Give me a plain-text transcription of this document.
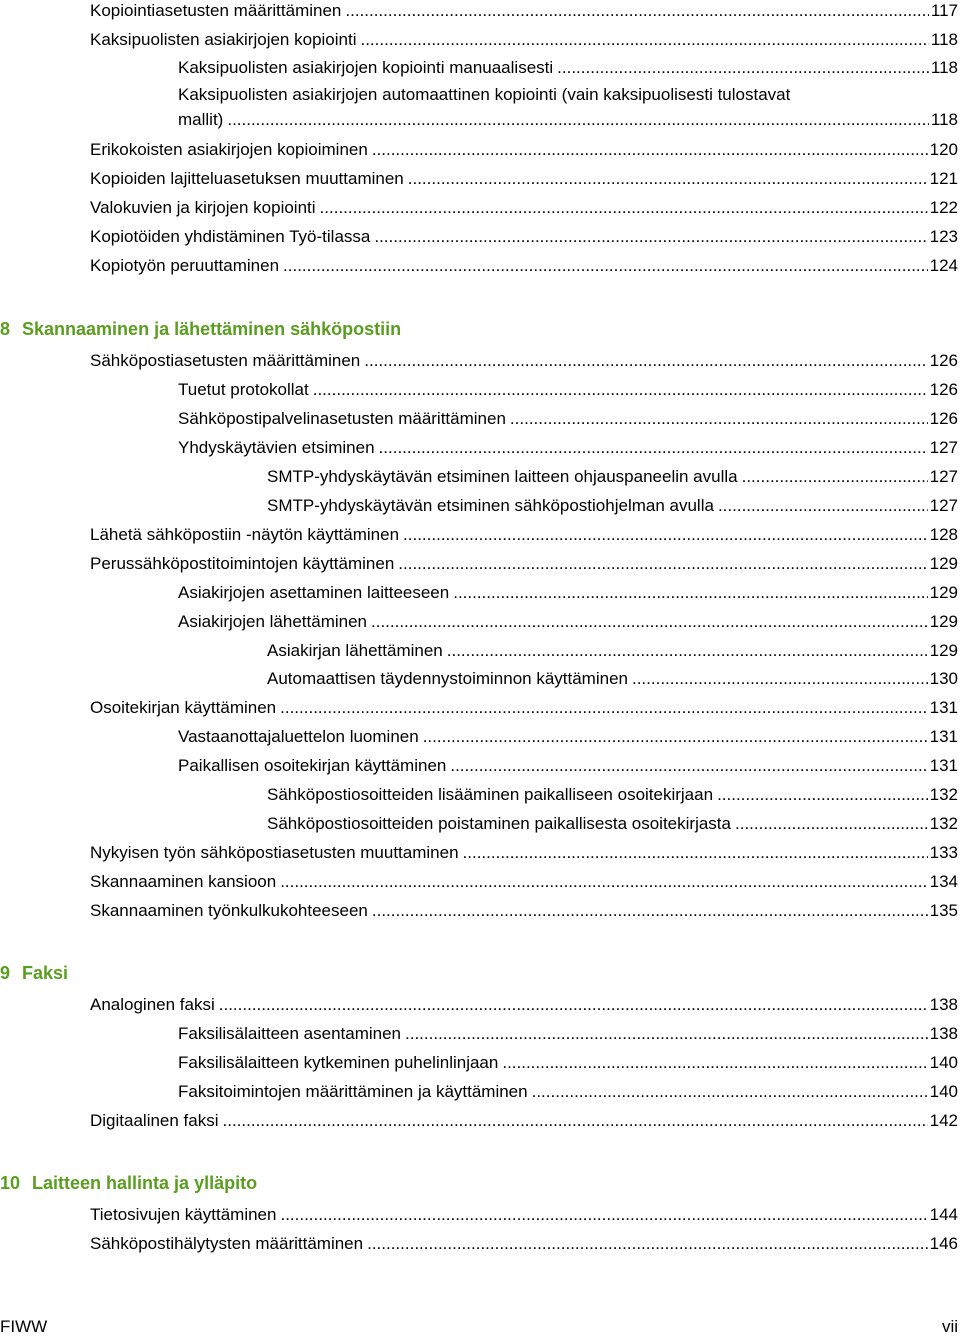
Kopiointiasetusten määrittäminen .....	117
Kaksipuolisten asiakirjojen kopiointi .....	118
Kaksipuolisten asiakirjojen kopiointi manuaalisesti .....	118
Kaksipuolisten asiakirjojen automaattinen kopiointi (vain kaksipuolisesti tulostavat
mallit) .....	118
Erikokoisten asiakirjojen kopioiminen .....	120
Kopioiden lajitteluasetuksen muuttaminen .....	121
Valokuvien ja kirjojen kopiointi .....	122
Kopiotöiden yhdistäminen Työ-tilassa .....	123
Kopiotyön peruuttaminen .....	124
8 Skannaaminen ja lähettäminen sähköpostiin
Sähköpostiasetusten määrittäminen .....	126
Tuetut protokollat .....	126
Sähköpostipalvelinasetusten määrittäminen .....	126
Yhdyskäytävien etsiminen .....	127
SMTP-yhdyskäytävän etsiminen laitteen ohjauspaneelin avulla .....	127
SMTP-yhdyskäytävän etsiminen sähköpostiohjelman avulla .....	127
Lähetä sähköpostiin -näytön käyttäminen .....	128
Perussähköpostitoimintojen käyttäminen .....	129
Asiakirjojen asettaminen laitteeseen .....	129
Asiakirjojen lähettäminen .....	129
Asiakirjan lähettäminen .....	129
Automaattisen täydennystoiminnon käyttäminen .....	130
Osoitekirjan käyttäminen .....	131
Vastaanottajaluettelon luominen .....	131
Paikallisen osoitekirjan käyttäminen .....	131
Sähköpostiosoitteiden lisääminen paikalliseen osoitekirjaan .....	132
Sähköpostiosoitteiden poistaminen paikallisesta osoitekirjasta .....	132
Nykyisen työn sähköpostiasetusten muuttaminen .....	133
Skannaaminen kansioon .....	134
Skannaaminen työnkulkukohteeseen .....	135
9 Faksi
Analoginen faksi .....	138
Faksilisälaitteen asentaminen .....	138
Faksilisälaitteen kytkeminen puhelinlinjaan .....	140
Faksitoimintojen määrittäminen ja käyttäminen .....	140
Digitaalinen faksi .....	142
10 Laitteen hallinta ja ylläpito
Tietosivujen käyttäminen .....	144
Sähköpostihälytysten määrittäminen .....	146
FIWW	vii
